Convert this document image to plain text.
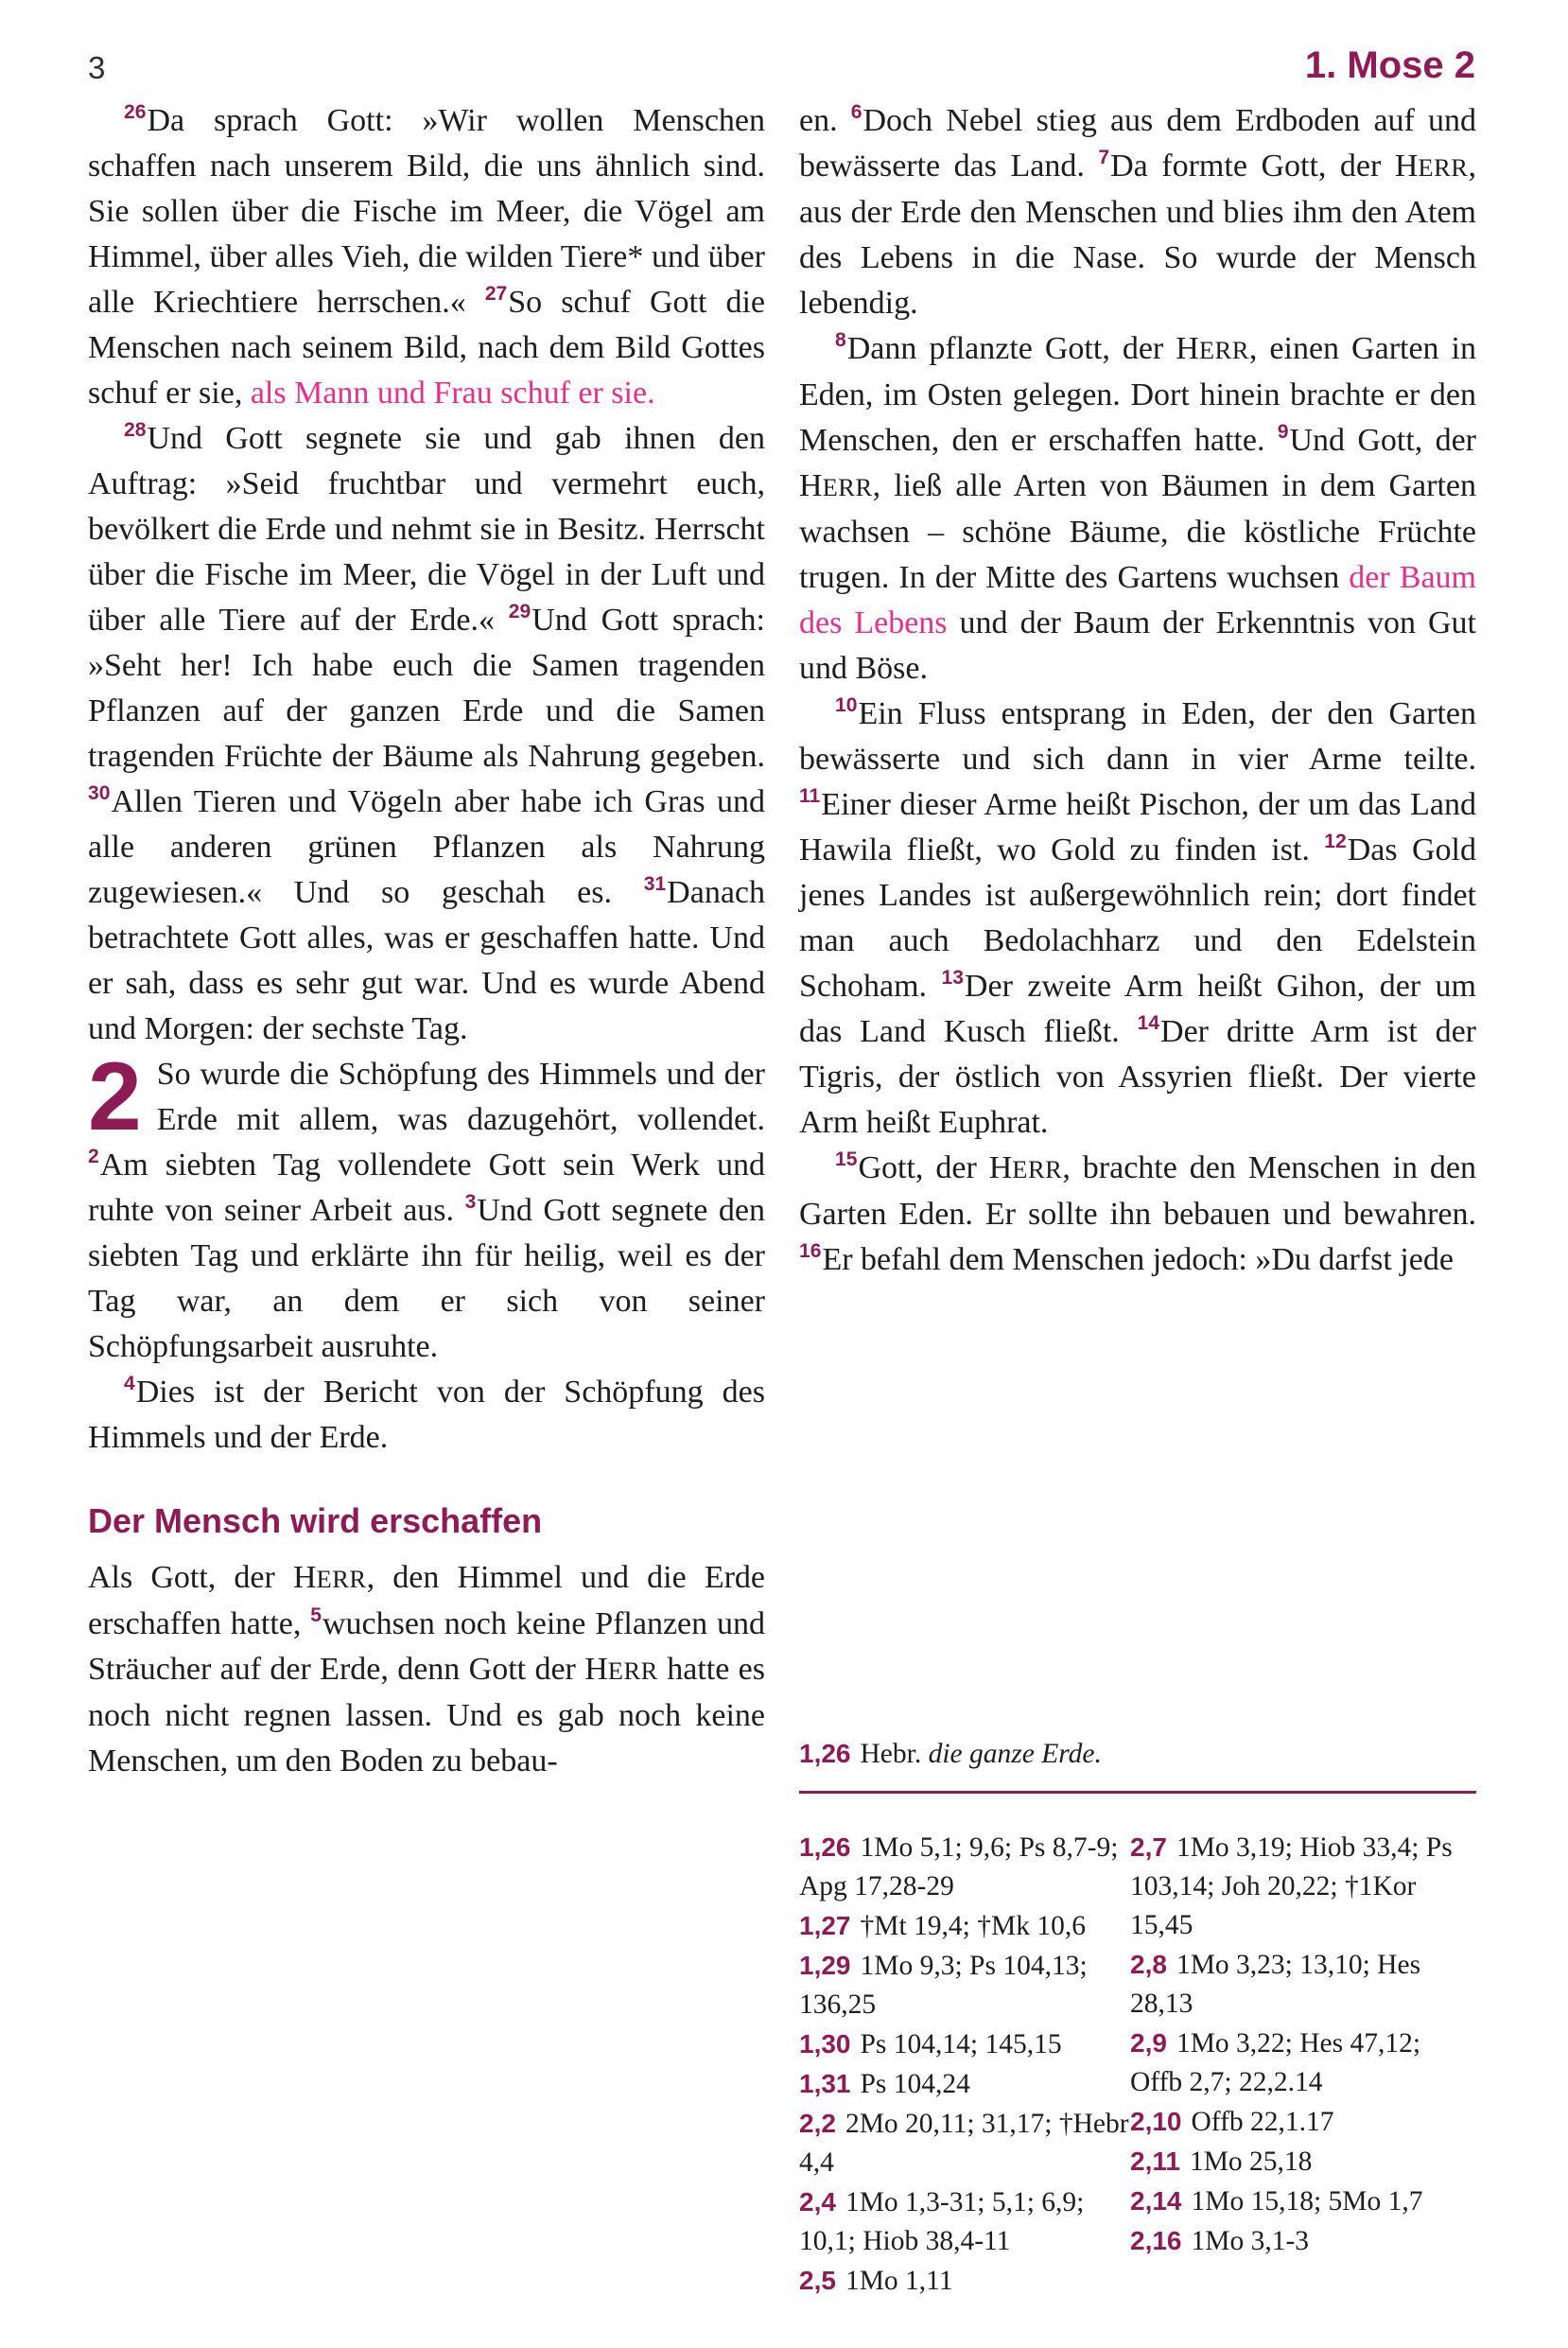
3	1. Mose 2

$^{26}$Da sprach Gott: »Wir wollen Menschen schaffen nach unserem Bild, die uns ähnlich sind. Sie sollen über die Fische im Meer, die Vögel am Himmel, über alles Vieh, die wilden Tiere* und über alle Kriechtiere herrschen.« $^{27}$So schuf Gott die Menschen nach seinem Bild, nach dem Bild Gottes schuf er sie, als Mann und Frau schuf er sie.

$^{28}$Und Gott segnete sie und gab ihnen den Auftrag: »Seid fruchtbar und vermehrt euch, bevölkert die Erde und nehmt sie in Besitz. Herrscht über die Fische im Meer, die Vögel in der Luft und über alle Tiere auf der Erde.« $^{29}$Und Gott sprach: »Seht her! Ich habe euch die Samen tragenden Pflanzen auf der ganzen Erde und die Samen tragenden Früchte der Bäume als Nahrung gegeben. $^{30}$Allen Tieren und Vögeln aber habe ich Gras und alle anderen grünen Pflanzen als Nahrung zugewiesen.« Und so geschah es. $^{31}$Danach betrachtete Gott alles, was er geschaffen hatte. Und er sah, dass es sehr gut war. Und es wurde Abend und Morgen: der sechste Tag.

2 So wurde die Schöpfung des Himmels und der Erde mit allem, was dazugehört, vollendet. $^2$Am siebten Tag vollendete Gott sein Werk und ruhte von seiner Arbeit aus. $^3$Und Gott segnete den siebten Tag und erklärte ihn für heilig, weil es der Tag war, an dem er sich von seiner Schöpfungsarbeit ausruhte.

$^4$Dies ist der Bericht von der Schöpfung des Himmels und der Erde.

Der Mensch wird erschaffen

Als Gott, der HERR, den Himmel und die Erde erschaffen hatte, $^5$wuchsen noch keine Pflanzen und Sträucher auf der Erde, denn Gott der HERR hatte es noch nicht regnen lassen. Und es gab noch keine Menschen, um den Boden zu bebau-

en. $^6$Doch Nebel stieg aus dem Erdboden auf und bewässerte das Land. $^7$Da formte Gott, der HERR, aus der Erde den Menschen und blies ihm den Atem des Lebens in die Nase. So wurde der Mensch lebendig.

$^8$Dann pflanzte Gott, der HERR, einen Garten in Eden, im Osten gelegen. Dort hinein brachte er den Menschen, den er erschaffen hatte. $^9$Und Gott, der HERR, ließ alle Arten von Bäumen in dem Garten wachsen – schöne Bäume, die köstliche Früchte trugen. In der Mitte des Gartens wuchsen der Baum des Lebens und der Baum der Erkenntnis von Gut und Böse.

$^{10}$Ein Fluss entsprang in Eden, der den Garten bewässerte und sich dann in vier Arme teilte. $^{11}$Einer dieser Arme heißt Pischon, der um das Land Hawila fließt, wo Gold zu finden ist. $^{12}$Das Gold jenes Landes ist außergewöhnlich rein; dort findet man auch Bedolachharz und den Edelstein Schoham. $^{13}$Der zweite Arm heißt Gihon, der um das Land Kusch fließt. $^{14}$Der dritte Arm ist der Tigris, der östlich von Assyrien fließt. Der vierte Arm heißt Euphrat.

$^{15}$Gott, der HERR, brachte den Menschen in den Garten Eden. Er sollte ihn bebauen und bewahren. $^{16}$Er befahl dem Menschen jedoch: »Du darfst jede

1,26 Hebr. die ganze Erde.

1,26 1Mo 5,1; 9,6; Ps 8,7-9; Apg 17,28-29
1,27 †Mt 19,4; †Mk 10,6
1,29 1Mo 9,3; Ps 104,13; 136,25
1,30 Ps 104,14; 145,15
1,31 Ps 104,24
2,2 2Mo 20,11; 31,17; †Hebr 4,4
2,4 1Mo 1,3-31; 5,1; 6,9; 10,1; Hiob 38,4-11
2,5 1Mo 1,11
2,7 1Mo 3,19; Hiob 33,4; Ps 103,14; Joh 20,22; †1Kor 15,45
2,8 1Mo 3,23; 13,10; Hes 28,13
2,9 1Mo 3,22; Hes 47,12; Offb 2,7; 22,2.14
2,10 Offb 22,1.17
2,11 1Mo 25,18
2,14 1Mo 15,18; 5Mo 1,7
2,16 1Mo 3,1-3
